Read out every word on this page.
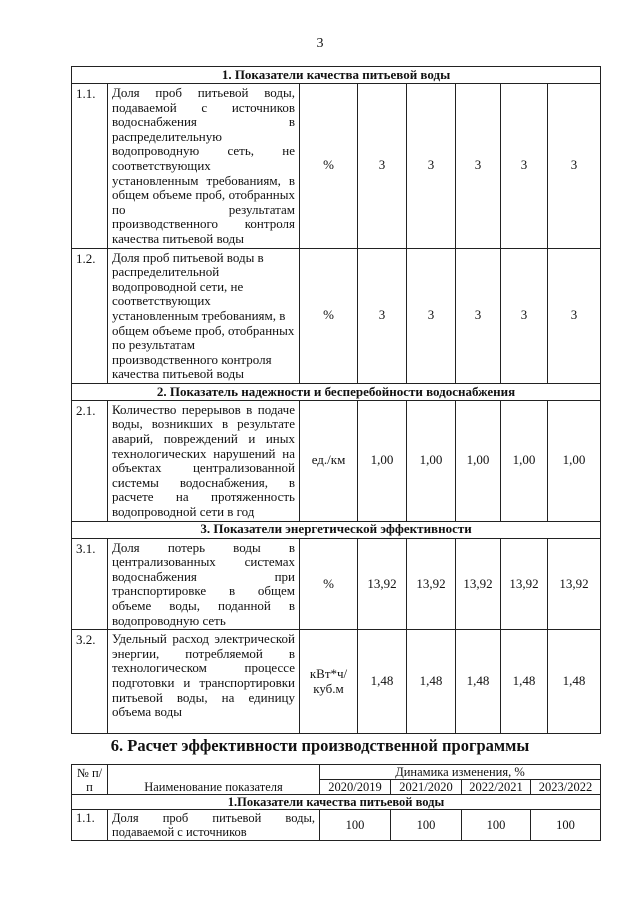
3
1. Показатели качества питьевой воды							
1.1.	Доля проб питьевой воды, подаваемой с источников водоснабжения в распределительную водопроводную сеть, не соответствующих установленным требованиям, в общем объеме проб, отобранных по результатам производственного контроля качества питьевой воды	%	3	3	3	3	3
1.2.	Доля проб питьевой воды в распределительной водопроводной сети, не соответствующих установленным требованиям, в общем объеме проб, отобранных по результатам производственного контроля качества питьевой воды	%	3	3	3	3	3
2. Показатель надежности и бесперебойности водоснабжения							
2.1.	Количество перерывов в подаче воды, возникших в результате аварий, повреждений и иных технологических нарушений на объектах централизованной системы водоснабжения, в расчете на протяженность водопроводной сети в год	ед./км	1,00	1,00	1,00	1,00	1,00
3. Показатели энергетической эффективности							
3.1.	Доля потерь воды в централизованных системах водоснабжения при транспортировке в общем объеме воды, поданной в водопроводную сеть	%	13,92	13,92	13,92	13,92	13,92
3.2.	Удельный расход электрической энергии, потребляемой в технологическом процессе подготовки и транспортировки питьевой воды, на единицу объема воды	кВт*ч/ куб.м	1,48	1,48	1,48	1,48	1,48
6. Расчет эффективности производственной программы
№ п/п	Наименование показателя	Динамика изменения, %			
		2020/2019	2021/2020	2022/2021	2023/2022
1.Показатели качества питьевой воды					
1.1.	Доля проб питьевой воды, подаваемой с источников	100	100	100	100
